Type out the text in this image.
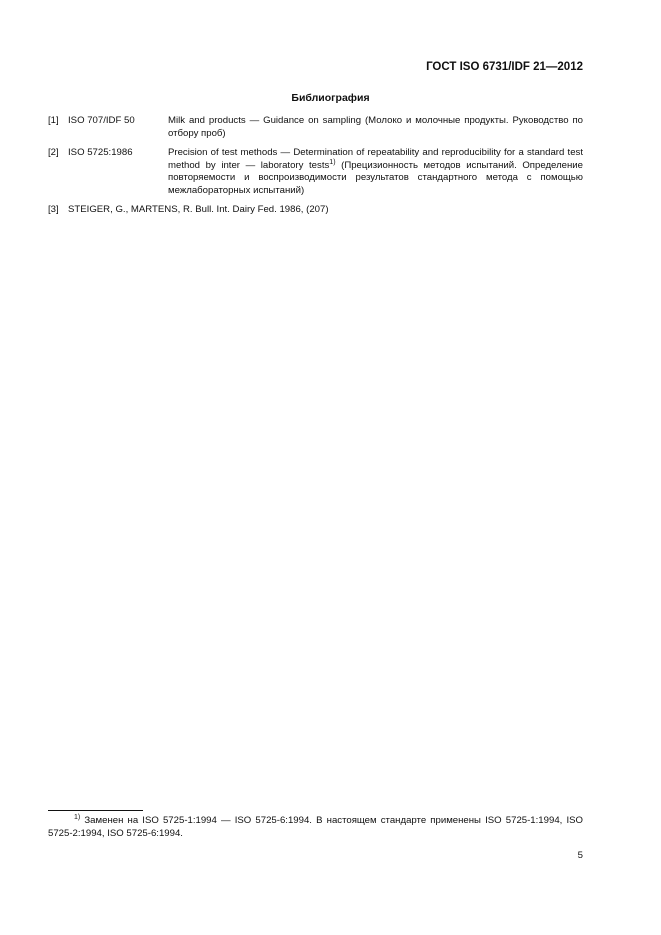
ГОСТ ISO 6731/IDF 21—2012
Библиография
[1] ISO 707/IDF 50	Milk and products — Guidance on sampling (Молоко и молочные продукты. Руководство по отбору проб)
[2] ISO 5725:1986	Precision of test methods — Determination of repeatability and reproducibility for a standard test method by inter — laboratory tests$^{1)}$ (Прецизионность методов испытаний. Определение повторяемости и воспроизводимости результатов стандартного метода с помощью межлабораторных испытаний)
[3] STEIGER, G., MARTENS, R. Bull. Int. Dairy Fed. 1986, (207)
$^{1)}$ Заменен на ISO 5725-1:1994 — ISO 5725-6:1994. В настоящем стандарте применены ISO 5725-1:1994, ISO 5725-2:1994, ISO 5725-6:1994.
5
